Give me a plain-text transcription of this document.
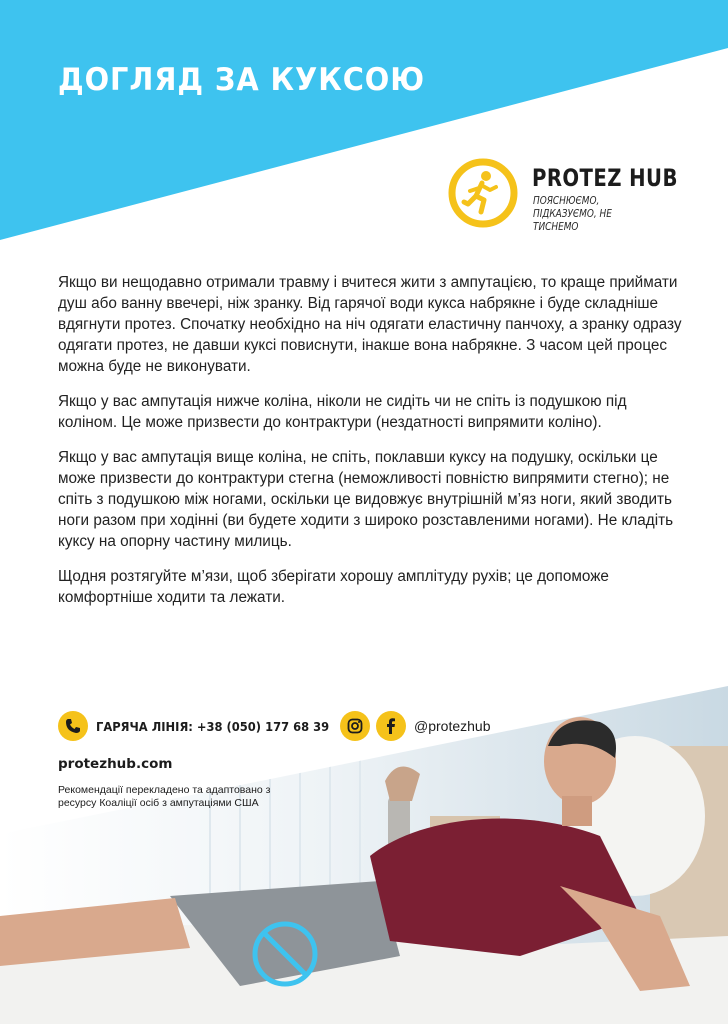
ДОГЛЯД ЗА КУКСОЮ
PROTEZ HUB
ПОЯСНЮЄМО, ПІДКАЗУЄМО, НЕ ТИСНЕМО

Якщо ви нещодавно отримали травму і вчитеся жити з ампутацією, то краще приймати душ або ванну ввечері, ніж зранку. Від гарячої води кукса набрякне і буде складніше вдягнути протез. Спочатку необхідно на ніч одягати еластичну панчоху, а зранку одразу одягати протез, не давши куксі повиснути, інакше вона набрякне. З часом цей процес можна буде не виконувати.

Якщо у вас ампутація нижче коліна, ніколи не сидіть чи не спіть із подушкою під коліном. Це може призвести до контрактури (нездатності випрямити коліно).

Якщо у вас ампутація вище коліна, не спіть, поклавши куксу на подушку, оскільки це може призвести до контрактури стегна (неможливості повністю випрямити стегно); не спіть з подушкою між ногами, оскільки це видовжує внутрішній м’яз ноги, який зводить ноги разом при ходінні (ви будете ходити з широко розставленими ногами). Не кладіть куксу на опорну частину милиць.

Щодня розтягуйте м’язи, щоб зберігати хорошу амплітуду рухів; це допоможе комфортніше ходити та лежати.

ГАРЯЧА ЛІНІЯ: +38 (050) 177 68 39	@protezhub
protezhub.com
Рекомендації перекладено та адаптовано з ресурсу Коаліції осіб з ампутаціями США
